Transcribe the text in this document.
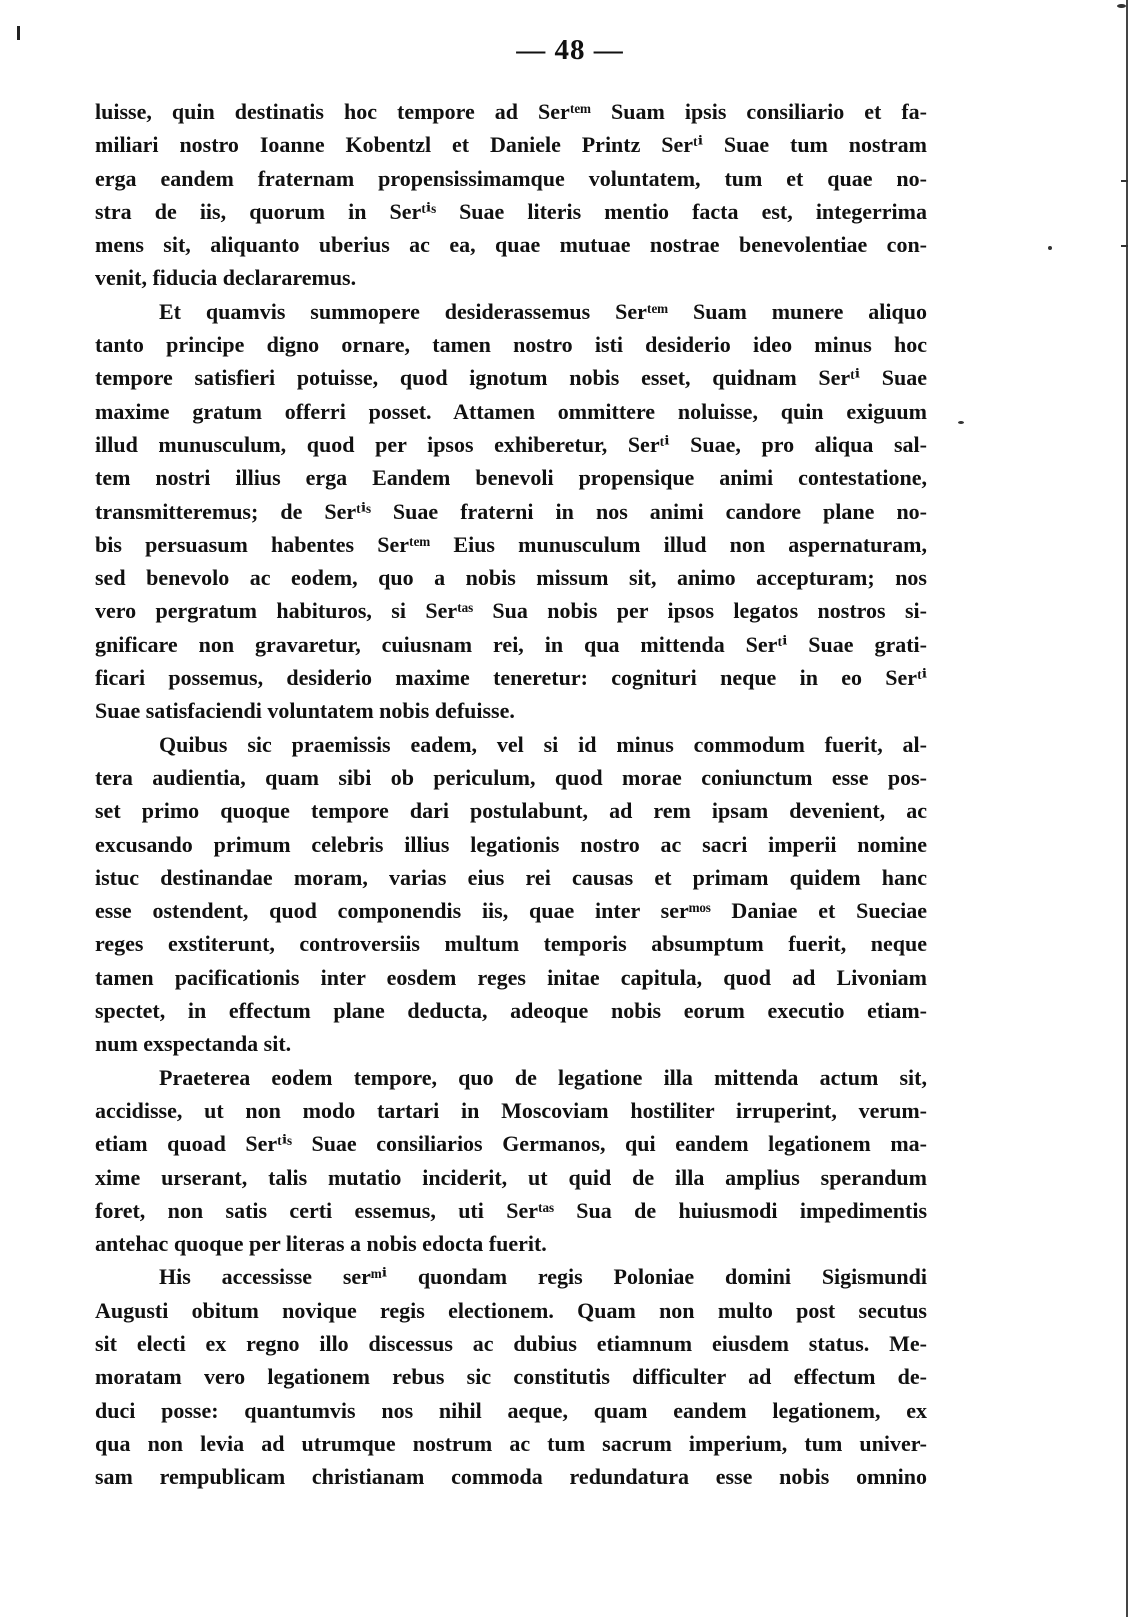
— 48 —
luisse, quin destinatis hoc tempore ad Serᵗᵉᵐ Suam ipsis consiliario et fa-
miliari nostro Ioanne Kobentzl et Daniele Printz Serᵗⁱ Suae tum nostram
erga eandem fraternam propensissimamque voluntatem, tum et quae no-
stra de iis, quorum in Serᵗⁱˢ Suae literis mentio facta est, integerrima
mens sit, aliquanto uberius ac ea, quae mutuae nostrae benevolentiae con-
venit, fiducia declararemus.
Et quamvis summopere desiderassemus Serᵗᵉᵐ Suam munere aliquo
tanto principe digno ornare, tamen nostro isti desiderio ideo minus hoc
tempore satisfieri potuisse, quod ignotum nobis esset, quidnam Serᵗⁱ Suae
maxime gratum offerri posset. Attamen ommittere noluisse, quin exiguum
illud munusculum, quod per ipsos exhiberetur, Serᵗⁱ Suae, pro aliqua sal-
tem nostri illius erga Eandem benevoli propensique animi contestatione,
transmitteremus; de Serᵗⁱˢ Suae fraterni in nos animi candore plane no-
bis persuasum habentes Serᵗᵉᵐ Eius munusculum illud non aspernaturam,
sed benevolo ac eodem, quo a nobis missum sit, animo accepturam; nos
vero pergratum habituros, si Serᵗᵃˢ Sua nobis per ipsos legatos nostros si-
gnificare non gravaretur, cuiusnam rei, in qua mittenda Serᵗⁱ Suae grati-
ficari possemus, desiderio maxime teneretur: cognituri neque in eo Serᵗⁱ
Suae satisfaciendi voluntatem nobis defuisse.
Quibus sic praemissis eadem, vel si id minus commodum fuerit, al-
tera audientia, quam sibi ob periculum, quod morae coniunctum esse pos-
set primo quoque tempore dari postulabunt, ad rem ipsam devenient, ac
excusando primum celebris illius legationis nostro ac sacri imperii nomine
istuc destinandae moram, varias eius rei causas et primam quidem hanc
esse ostendent, quod componendis iis, quae inter serᵐᵒˢ Daniae et Sueciae
reges exstiterunt, controversiis multum temporis absumptum fuerit, neque
tamen pacificationis inter eosdem reges initae capitula, quod ad Livoniam
spectet, in effectum plane deducta, adeoque nobis eorum executio etiam-
num exspectanda sit.
Praeterea eodem tempore, quo de legatione illa mittenda actum sit,
accidisse, ut non modo tartari in Moscoviam hostiliter irruperint, verum-
etiam quoad Serᵗⁱˢ Suae consiliarios Germanos, qui eandem legationem ma-
xime urserant, talis mutatio inciderit, ut quid de illa amplius sperandum
foret, non satis certi essemus, uti Serᵗᵃˢ Sua de huiusmodi impedimentis
antehac quoque per literas a nobis edocta fuerit.
His accessisse serᵐⁱ quondam regis Poloniae domini Sigismundi
Augusti obitum novique regis electionem. Quam non multo post secutus
sit electi ex regno illo discessus ac dubius etiamnum eiusdem status. Me-
moratam vero legationem rebus sic constitutis difficulter ad effectum de-
duci posse: quantumvis nos nihil aeque, quam eandem legationem, ex
qua non levia ad utrumque nostrum ac tum sacrum imperium, tum univer-
sam rempublicam christianam commoda redundatura esse nobis omnino
